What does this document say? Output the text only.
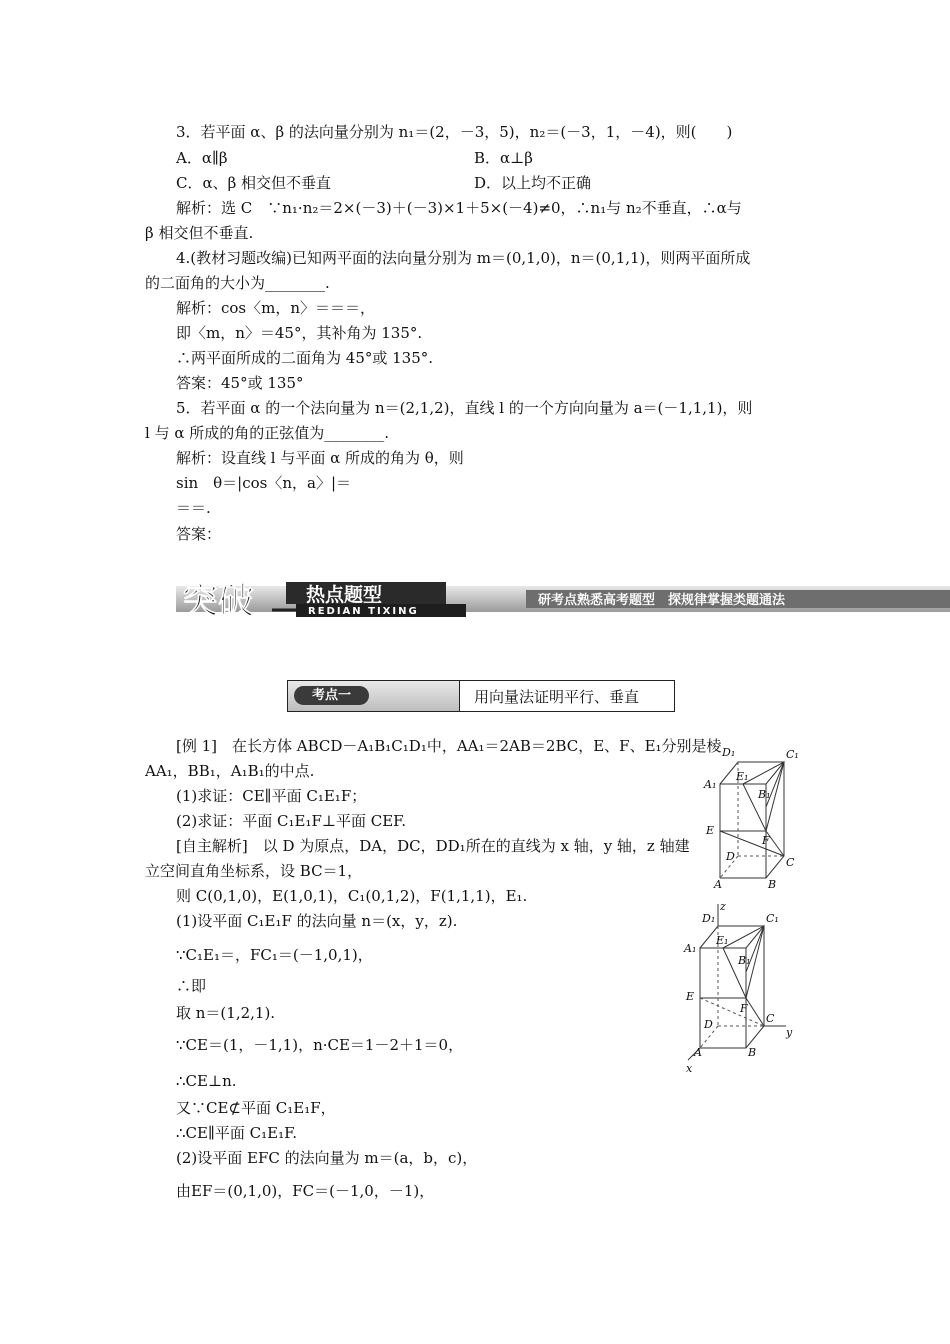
3．若平面 α、β 的法向量分别为 n₁＝(2，－3，5)，n₂＝(－3，1，－4)，则(　　)
A．α∥β	B．α⊥β
C．α、β 相交但不垂直	D．以上均不正确
解析：选 C　∵n₁·n₂＝2×(－3)＋(－3)×1＋5×(－4)≠0，∴n₁与 n₂不垂直，∴α与
β 相交但不垂直.
4.(教材习题改编)已知两平面的法向量分别为 m＝(0,1,0)，n＝(0,1,1)，则两平面所成
的二面角的大小为________.
解析：cos〈m，n〉＝＝＝，
即〈m，n〉＝45°，其补角为 135°.
∴两平面所成的二面角为 45°或 135°.
答案：45°或 135°
5．若平面 α 的一个法向量为 n＝(2,1,2)，直线 l 的一个方向向量为 a＝(－1,1,1)，则
l 与 α 所成的角的正弦值为________.
解析：设直线 l 与平面 α 所成的角为 θ，则
sin　θ＝|cos〈n，a〉|＝
＝＝.
答案：
[例 1]　在长方体 ABCD－A₁B₁C₁D₁中，AA₁＝2AB＝2BC，E、F、E₁分别是棱
AA₁，BB₁，A₁B₁的中点.
(1)求证：CE∥平面 C₁E₁F；
(2)求证：平面 C₁E₁F⊥平面 CEF.
[自主解析]　以 D 为原点，DA，DC，DD₁所在的直线为 x 轴，y 轴，z 轴建
立空间直角坐标系，设 BC＝1，
则 C(0,1,0)，E(1,0,1)，C₁(0,1,2)，F(1,1,1)，E₁.
(1)设平面 C₁E₁F 的法向量 n＝(x，y，z).
∵C₁E₁＝，FC₁＝(－1,0,1)，
∴即
取 n＝(1,2,1).
∵CE＝(1，－1,1)，n·CE＝1－2＋1＝0，
∴CE⊥n.
又∵CE⊄平面 C₁E₁F，
∴CE∥平面 C₁E₁F.
(2)设平面 EFC 的法向量为 m＝(a，b，c)，
由EF＝(0,1,0)，FC＝(－1,0，－1)，
突破	热点题型
REDIAN TIXING
研考点熟悉高考题型　探规律掌握类题通法
考点一	用向量法证明平行、垂直
D₁	C₁
A₁
E₁
B₁
E
F
D	C
A	B
z
D₁	C₁
A₁
E₁
B₁
E
F
D	C
y
A	B
x
